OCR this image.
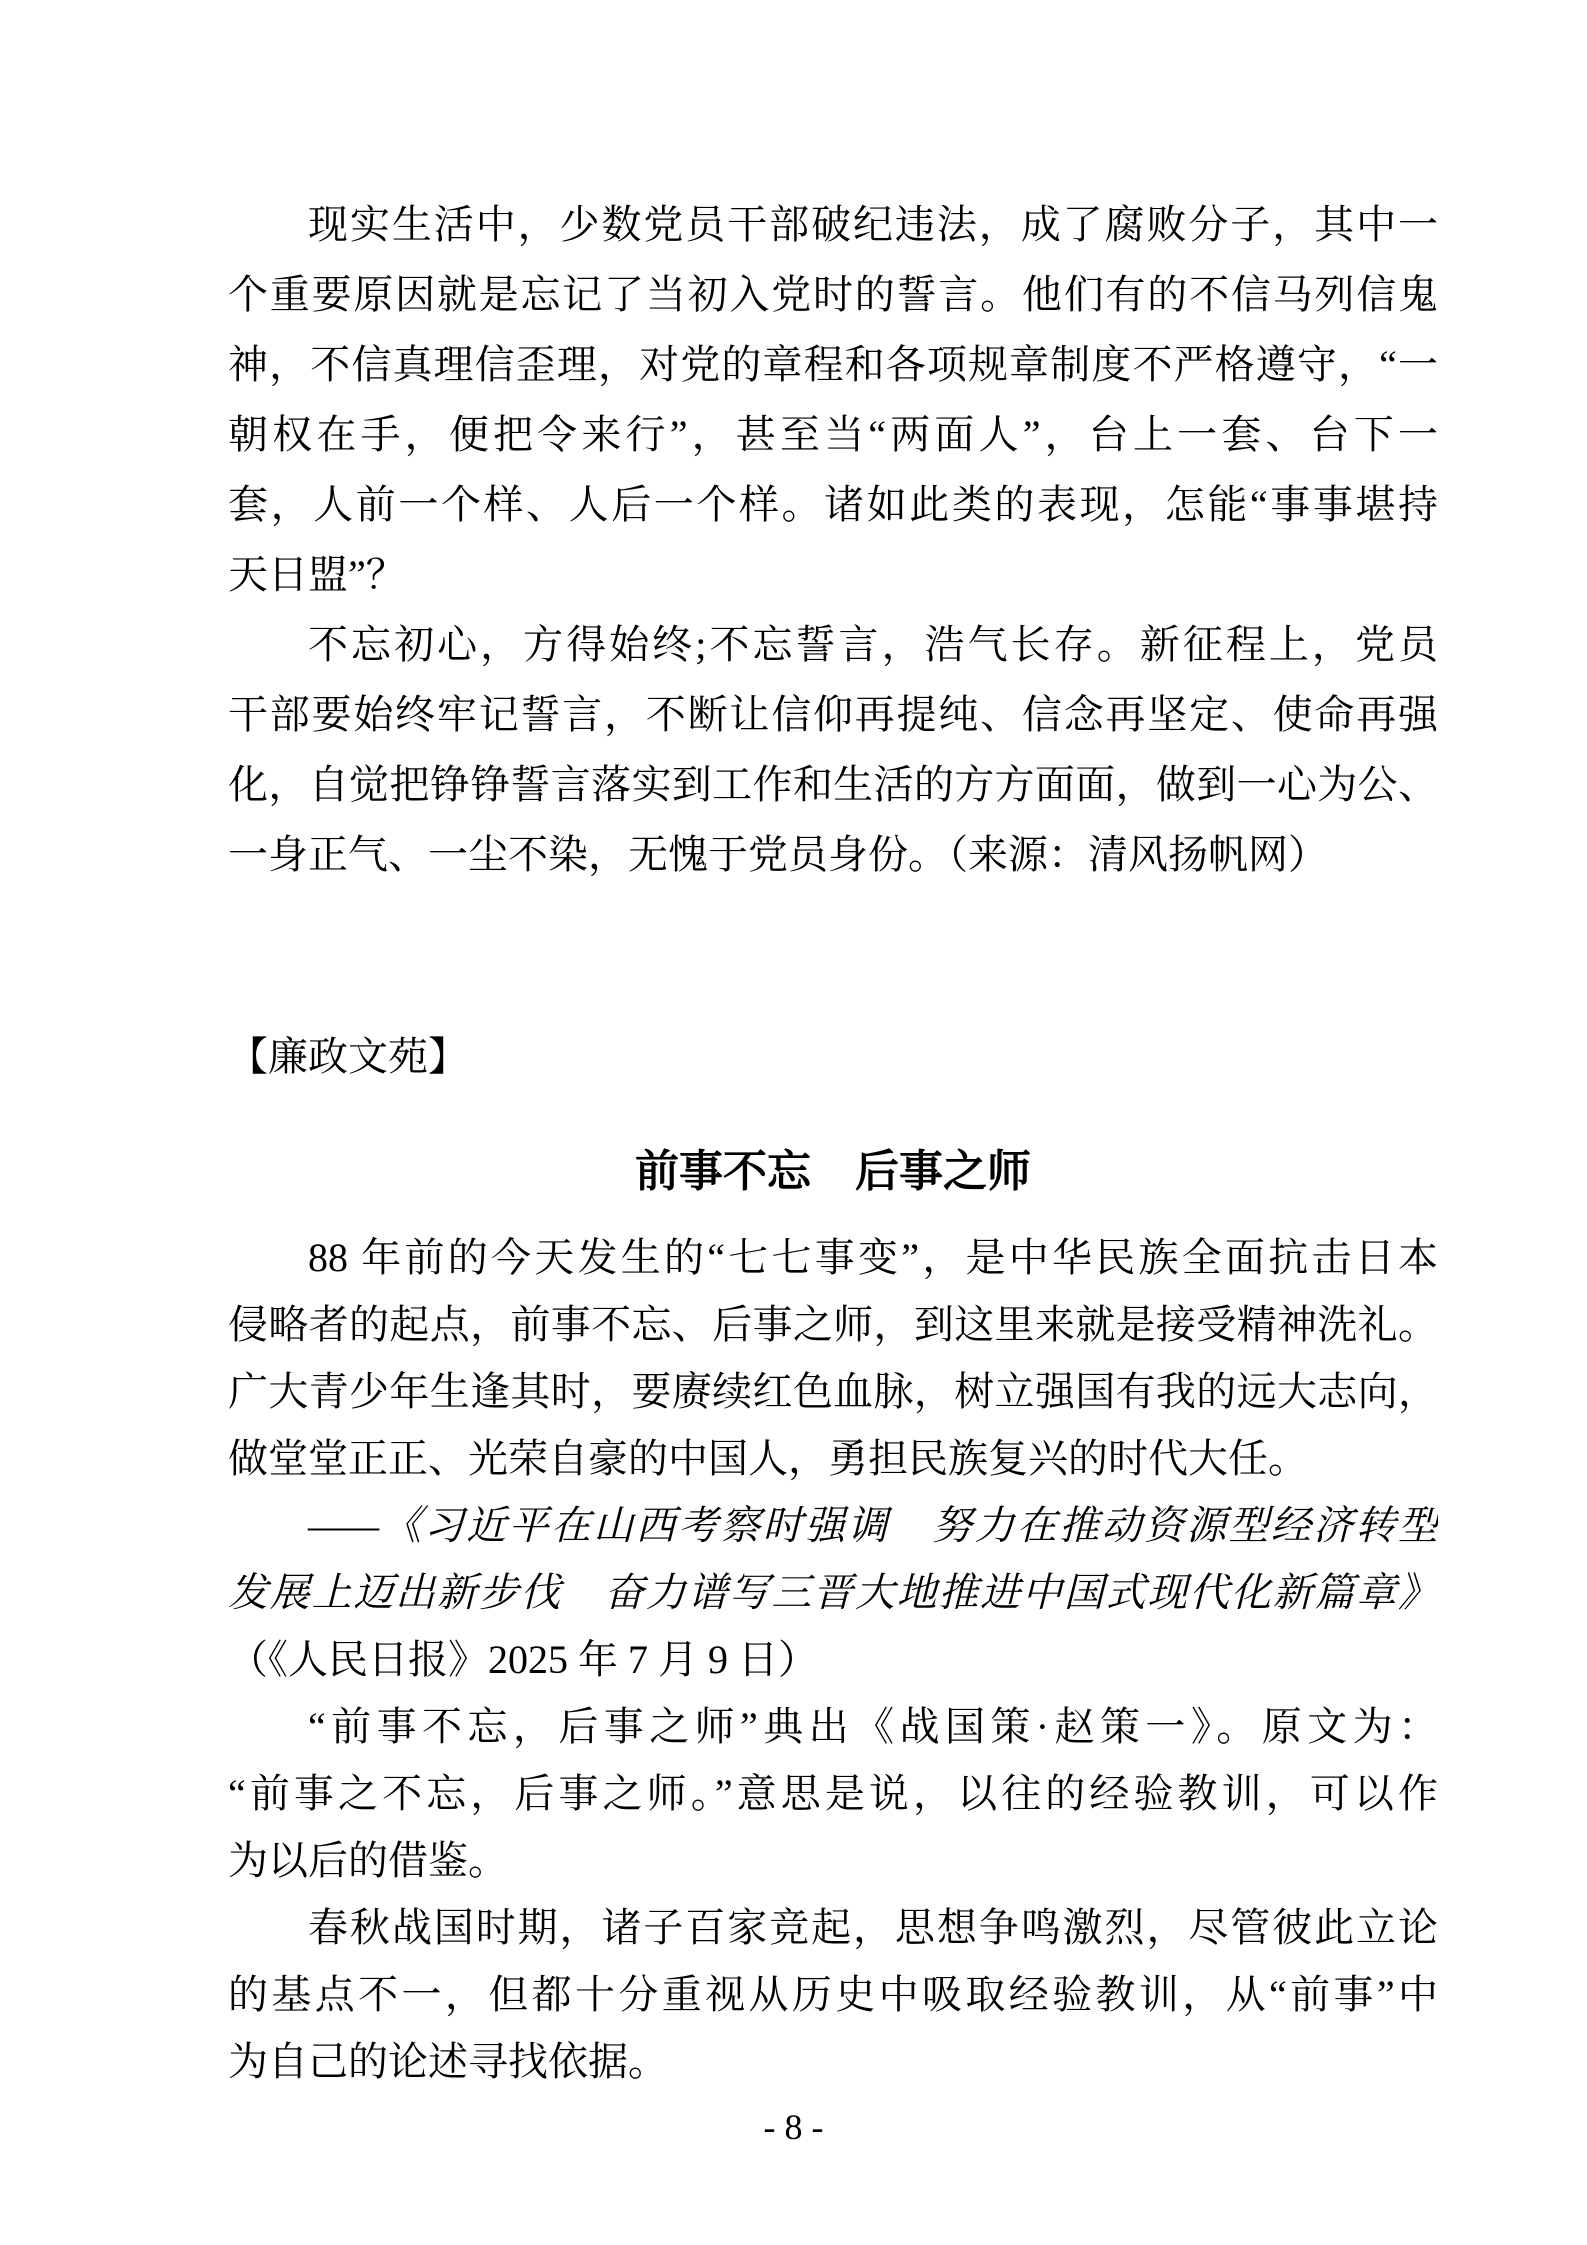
现实生活中，少数党员干部破纪违法，成了腐败分子，其中一
个重要原因就是忘记了当初入党时的誓言。他们有的不信马列信鬼
神，不信真理信歪理，对党的章程和各项规章制度不严格遵守，“一
朝权在手，便把令来行”，甚至当“两面人”，台上一套、台下一
套，人前一个样、人后一个样。诸如此类的表现，怎能“事事堪持
天日盟”？
不忘初心，方得始终;不忘誓言，浩气长存。新征程上，党员
干部要始终牢记誓言，不断让信仰再提纯、信念再坚定、使命再强
化，自觉把铮铮誓言落实到工作和生活的方方面面，做到一心为公、
一身正气、一尘不染，无愧于党员身份。（来源：清风扬帆网）
【廉政文苑】
前事不忘　后事之师
88 年前的今天发生的“七七事变”，是中华民族全面抗击日本
侵略者的起点，前事不忘、后事之师，到这里来就是接受精神洗礼。
广大青少年生逢其时，要赓续红色血脉，树立强国有我的远大志向，
做堂堂正正、光荣自豪的中国人，勇担民族复兴的时代大任。
——《习近平在山西考察时强调　努力在推动资源型经济转型
发展上迈出新步伐　奋力谱写三晋大地推进中国式现代化新篇章》
（《人民日报》2025 年 7 月 9 日）
“前事不忘，后事之师”典出《战国策·赵策一》。原文为：
“前事之不忘，后事之师。”意思是说，以往的经验教训，可以作
为以后的借鉴。
春秋战国时期，诸子百家竞起，思想争鸣激烈，尽管彼此立论
的基点不一，但都十分重视从历史中吸取经验教训，从“前事”中
为自己的论述寻找依据。
- 8 -
